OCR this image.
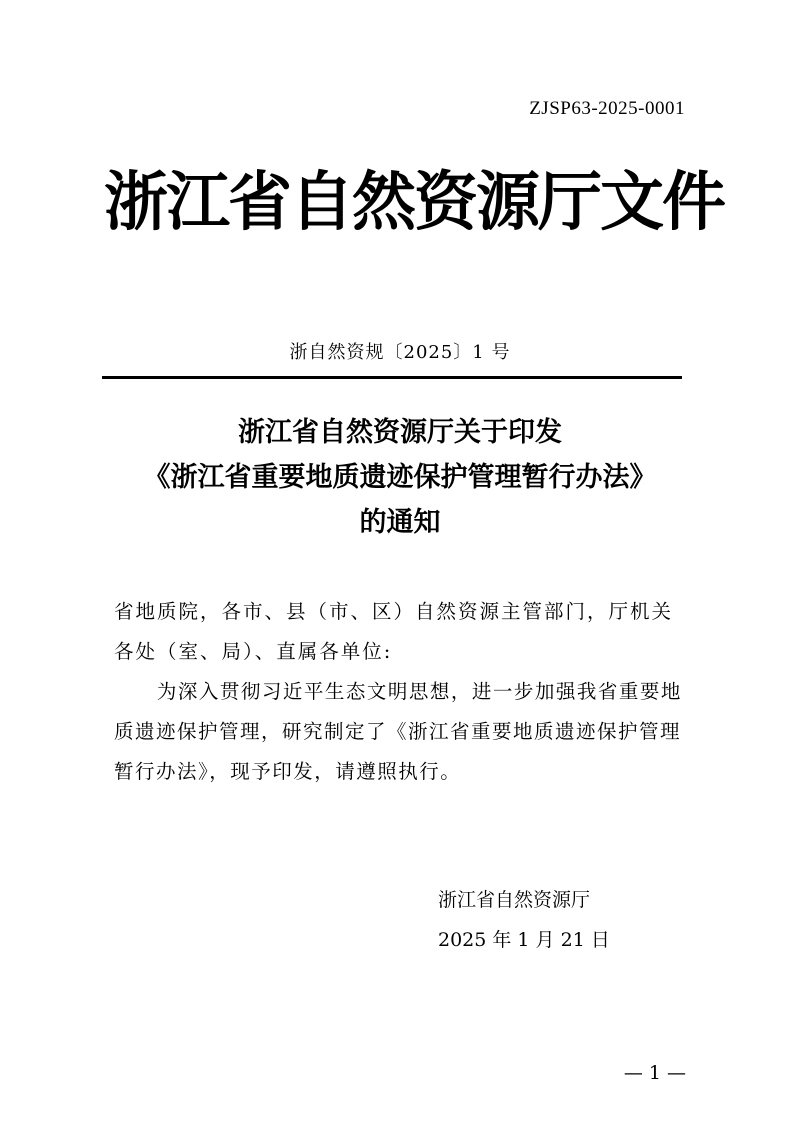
ZJSP63-2025-0001
浙江省自然资源厅文件
浙自然资规〔2025〕1 号
浙江省自然资源厅关于印发
《浙江省重要地质遗迹保护管理暂行办法》
的通知
省地质院，各市、县（市、区）自然资源主管部门，厅机关各处（室、局）、直属各单位:
为深入贯彻习近平生态文明思想，进一步加强我省重要地质遗迹保护管理，研究制定了《浙江省重要地质遗迹保护管理暂行办法》，现予印发，请遵照执行。
浙江省自然资源厅
2025 年 1 月 21 日
— 1 —
